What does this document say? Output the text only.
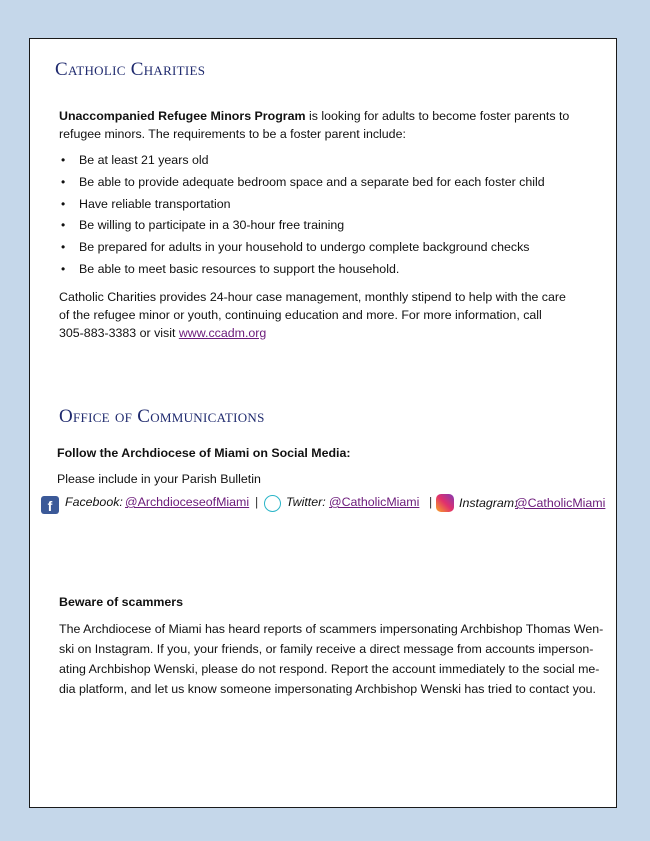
Catholic Charities
Unaccompanied Refugee Minors Program is looking for adults to become foster parents to
refugee minors. The requirements to be a foster parent include:
• Be at least 21 years old
• Be able to provide adequate bedroom space and a separate bed for each foster child
• Have reliable transportation
• Be willing to participate in a 30-hour free training
• Be prepared for adults in your household to undergo complete background checks
• Be able to meet basic resources to support the household.
Catholic Charities provides 24-hour case management, monthly stipend to help with the care
of the refugee minor or youth, continuing education and more. For more information, call
305-883-3383 or visit www.ccadm.org
Office of Communications
Follow the Archdiocese of Miami on Social Media:
Please include in your Parish Bulletin
f	Facebook: @ArchdioceseofMiami | Twitter: @CatholicMiami | Instagram:
@CatholicMiami
Beware of scammers
The Archdiocese of Miami has heard reports of scammers impersonating Archbishop Thomas Wen-
ski on Instagram. If you, your friends, or family receive a direct message from accounts imperson-
ating Archbishop Wenski, please do not respond. Report the account immediately to the social me-
dia platform, and let us know someone impersonating Archbishop Wenski has tried to contact you.
